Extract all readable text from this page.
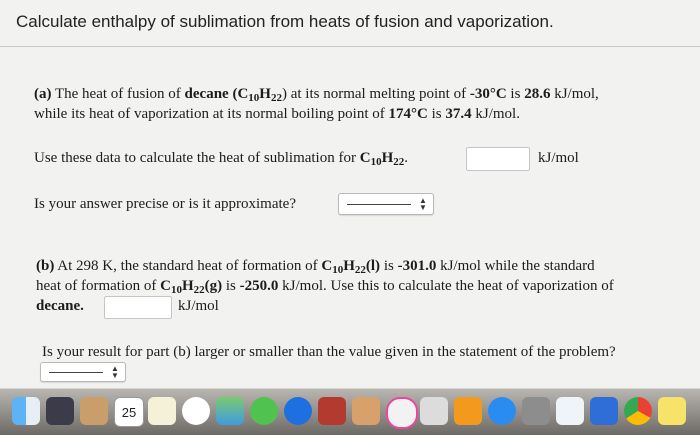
Calculate enthalpy of sublimation from heats of fusion and vaporization.
(a) The heat of fusion of decane $(C_{10}H_{22})$ at its normal melting point of -30°C is 28.6 kJ/mol,
while its heat of vaporization at its normal boiling point of 174°C is 37.4 kJ/mol.
Use these data to calculate the heat of sublimation for $C_{10}H_{22}$.	kJ/mol
Is your answer precise or is it approximate?	▲
▼
(b) At 298 K, the standard heat of formation of $C_{10}H_{22}(l)$ is -301.0 kJ/mol while the standard
heat of formation of $C_{10}H_{22}(g)$ is -250.0 kJ/mol. Use this to calculate the heat of vaporization of
decane.	kJ/mol
Is your result for part (b) larger or smaller than the value given in the statement of the problem?
▲
▼
25
